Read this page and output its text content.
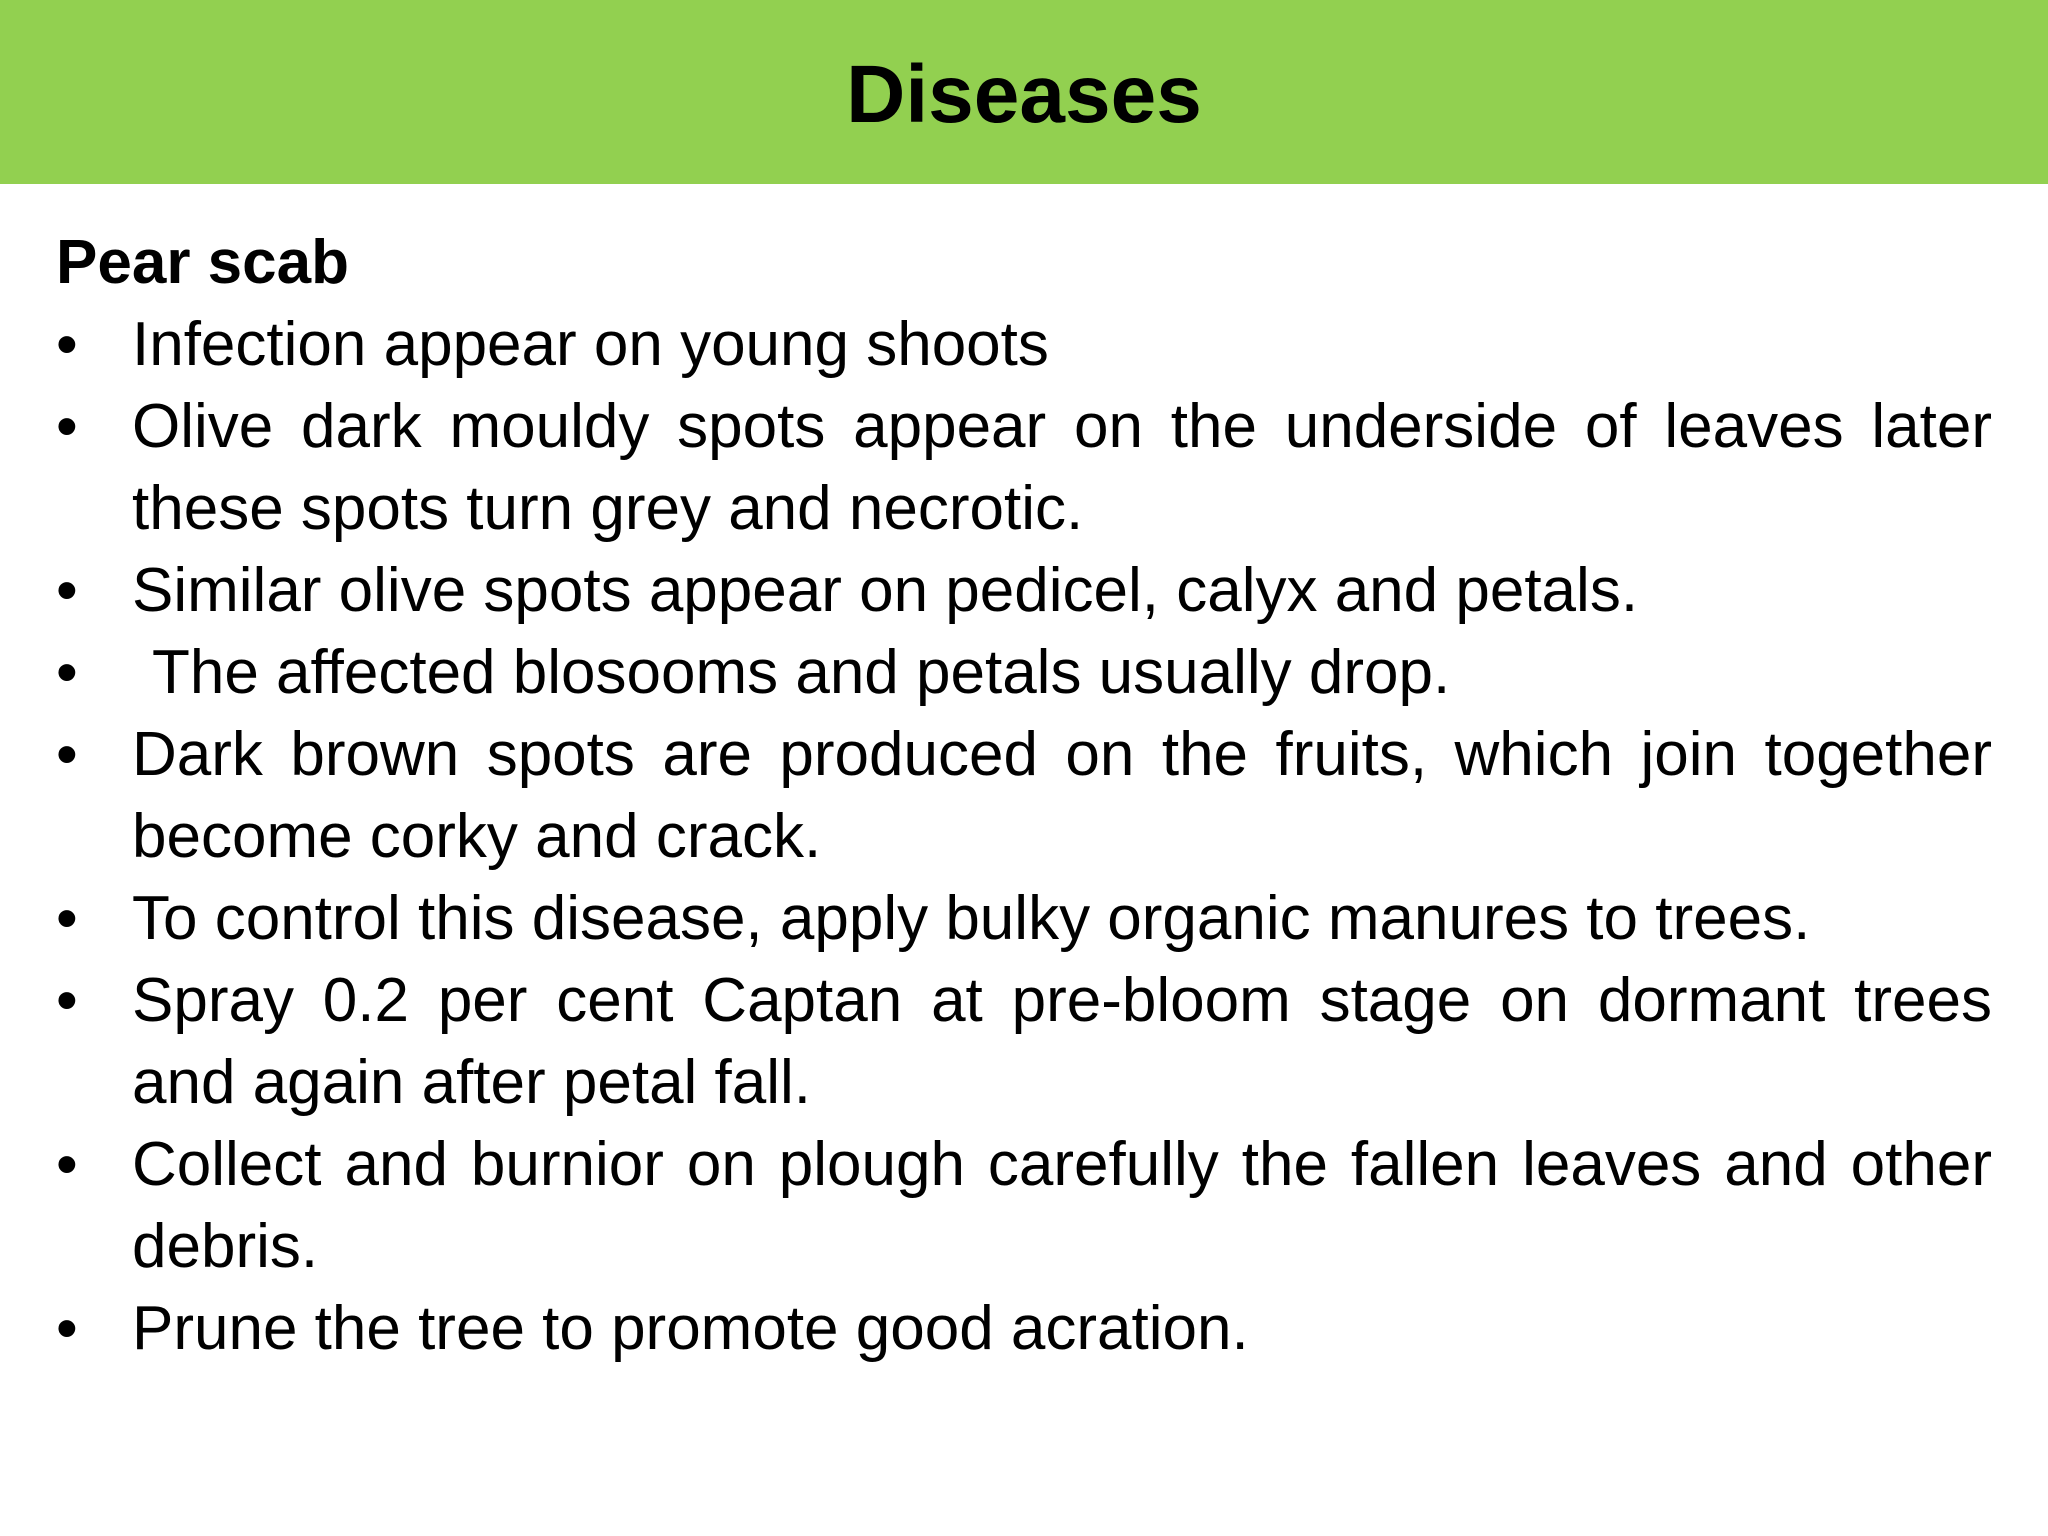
Diseases

Pear scab

• Infection appear on young shoots
• Olive dark mouldy spots appear on the underside of leaves later these spots turn grey and necrotic.
• Similar olive spots appear on pedicel, calyx and petals.
•	The affected blosooms and petals usually drop.
• Dark brown spots are produced on the fruits, which join together become corky and crack.
• To control this disease, apply bulky organic manures to trees.
• Spray 0.2 per cent Captan at pre-bloom stage on dormant trees and again after petal fall.
• Collect and burnior on plough carefully the fallen leaves and other debris.
• Prune the tree to promote good acration.
